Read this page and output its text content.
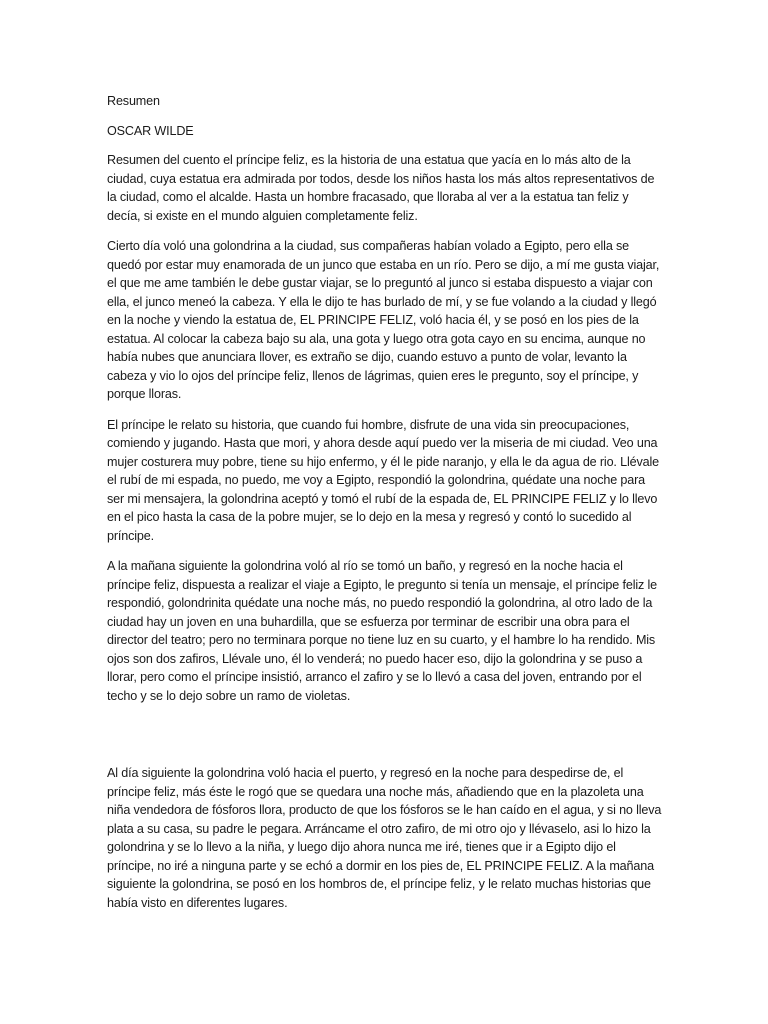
Resumen

OSCAR WILDE

Resumen del cuento el príncipe feliz, es la historia de una estatua que yacía en lo más alto de la ciudad, cuya estatua era admirada por todos, desde los niños hasta los más altos representativos de la ciudad, como el alcalde. Hasta un hombre fracasado, que lloraba al ver a la estatua tan feliz y decía, si existe en el mundo alguien completamente feliz.

Cierto día voló una golondrina a la ciudad, sus compañeras habían volado a Egipto, pero ella se quedó por estar muy enamorada de un junco que estaba en un río. Pero se dijo, a mí me gusta viajar, el que me ame también le debe gustar viajar, se lo preguntó al junco si estaba dispuesto a viajar con ella, el junco meneó la cabeza. Y ella le dijo te has burlado de mí, y se fue volando a la ciudad y llegó en la noche y viendo la estatua de, EL PRINCIPE FELIZ, voló hacia él, y se posó en los pies de la estatua. Al colocar la cabeza bajo su ala, una gota y luego otra gota cayo en su encima, aunque no había nubes que anunciara llover, es extraño se dijo, cuando estuvo a punto de volar, levanto la cabeza y vio lo ojos del príncipe feliz, llenos de lágrimas, quien eres le pregunto, soy el príncipe, y porque lloras.

El príncipe le relato su historia, que cuando fui hombre, disfrute de una vida sin preocupaciones, comiendo y jugando. Hasta que mori, y ahora desde aquí puedo ver la miseria de mi ciudad. Veo una mujer costurera muy pobre, tiene su hijo enfermo, y él le pide naranjo, y ella le da agua de rio. Llévale el rubí de mi espada, no puedo, me voy a Egipto, respondió la golondrina, quédate una noche para ser mi mensajera, la golondrina aceptó y tomó el rubí de la espada de, EL PRINCIPE FELIZ y lo llevo en el pico hasta la casa de la pobre mujer, se lo dejo en la mesa y regresó y contó lo sucedido al príncipe.

A la mañana siguiente la golondrina voló al río se tomó un baño, y regresó en la noche hacia el príncipe feliz, dispuesta a realizar el viaje a Egipto, le pregunto si tenía un mensaje, el príncipe feliz le respondió, golondrinita quédate una noche más, no puedo respondió la golondrina, al otro lado de la ciudad hay un joven en una buhardilla, que se esfuerza por terminar de escribir una obra para el director del teatro; pero no terminara porque no tiene luz en su cuarto, y el hambre lo ha rendido. Mis ojos son dos zafiros, Llévale uno, él lo venderá; no puedo hacer eso, dijo la golondrina y se puso a llorar, pero como el príncipe insistió, arranco el zafiro y se lo llevó a casa del joven, entrando por el techo y se lo dejo sobre un ramo de violetas.

Al día siguiente la golondrina voló hacia el puerto, y regresó en la noche para despedirse de, el príncipe feliz, más éste le rogó que se quedara una noche más, añadiendo que en la plazoleta una niña vendedora de fósforos llora, producto de que los fósforos se le han caído en el agua, y si no lleva plata a su casa, su padre le pegara. Arráncame el otro zafiro, de mi otro ojo y llévaselo, asi lo hizo la golondrina y se lo llevo a la niña, y luego dijo ahora nunca me iré, tienes que ir a Egipto dijo el príncipe, no iré a ninguna parte y se echó a dormir en los pies de, EL PRINCIPE FELIZ. A la mañana siguiente la golondrina, se posó en los hombros de, el príncipe feliz, y le relato muchas historias que había visto en diferentes lugares.
